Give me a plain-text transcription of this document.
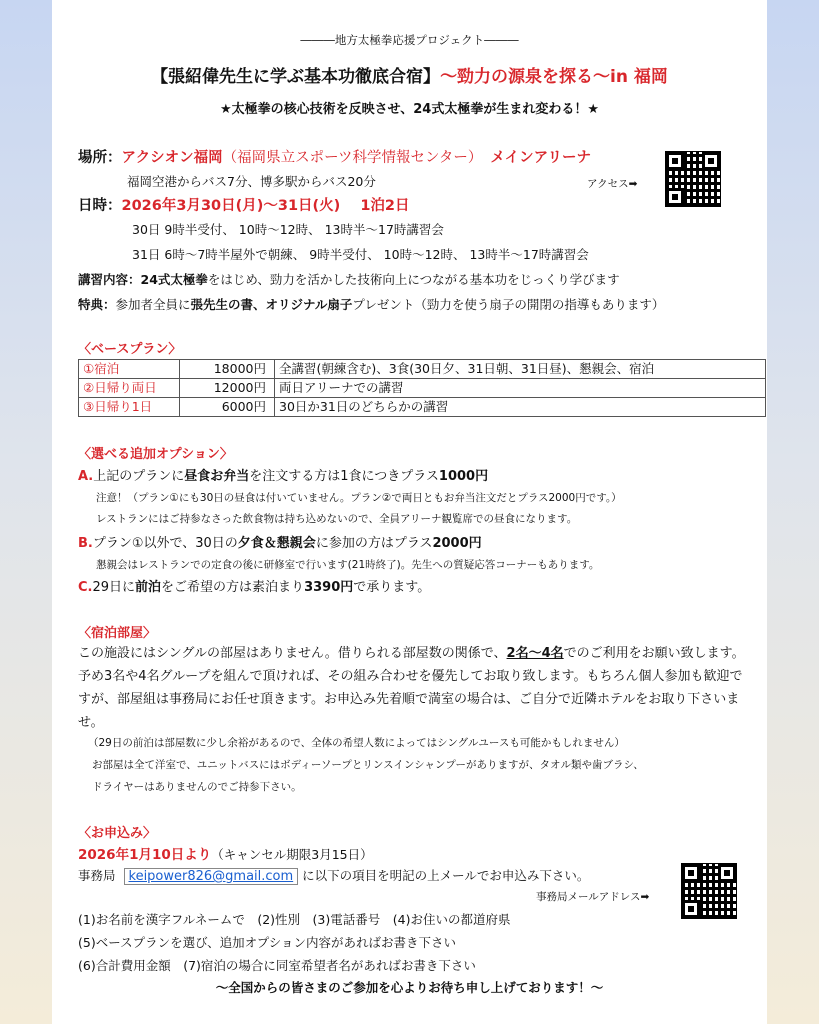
―――地方太極拳応援プロジェクト―――
【張紹偉先生に学ぶ基本功徹底合宿】～勁力の源泉を探る～in 福岡
★太極拳の核心技術を反映させ、24式太極拳が生まれ変わる！★
場所：アクシオン福岡（福岡県立スポーツ科学情報センター） メインアリーナ
福岡空港からバス7分、博多駅からバス20分	アクセス➡
日時：2026年3月30日(月)～31日(火) 1泊2日
30日 9時半受付、 10時～12時、 13時半～17時講習会
31日 6時～7時半屋外で朝練、 9時半受付、 10時～12時、 13時半～17時講習会
講習内容：24式太極拳をはじめ、勁力を活かした技術向上につながる基本功をじっくり学びます
特典：参加者全員に張先生の書、オリジナル扇子プレゼント（勁力を使う扇子の開閉の指導もあります）
〈ベースプラン〉
①宿泊	18000円	全講習(朝練含む)、3食(30日夕、31日朝、31日昼)、懇親会、宿泊
②日帰り両日	12000円	両日アリーナでの講習
③日帰り1日	6000円	30日か31日のどちらかの講習
〈選べる追加オプション〉
A.上記のプランに昼食お弁当を注文する方は1食につきプラス1000円
注意！（プラン①にも30日の昼食は付いていません。プラン②で両日ともお弁当注文だとプラス2000円です。）
レストランにはご持参なさった飲食物は持ち込めないので、全員アリーナ観覧席での昼食になります。
B.プラン①以外で、30日の夕食＆懇親会に参加の方はプラス2000円
懇親会はレストランでの定食の後に研修室で行います(21時終了)。先生への質疑応答コーナーもあります。
C.29日に前泊をご希望の方は素泊まり3390円で承ります。
〈宿泊部屋〉
この施設にはシングルの部屋はありません。借りられる部屋数の関係で、2名～4名でのご利用をお願い致します。予め3名や4名グループを組んで頂ければ、その組み合わせを優先してお取り致します。もちろん個人参加も歓迎ですが、部屋組は事務局にお任せ頂きます。お申込み先着順で満室の場合は、ご自分で近隣ホテルをお取り下さいませ。
（29日の前泊は部屋数に少し余裕があるので、全体の希望人数によってはシングルユースも可能かもしれません）
お部屋は全て洋室で、ユニットバスにはボディーソープとリンスインシャンプーがありますが、タオル類や歯ブラシ、
ドライヤーはありませんのでご持参下さい。
〈お申込み〉
2026年1月10日より（キャンセル期限3月15日）
事務局 keipower826@gmail.com に以下の項目を明記の上メールでお申込み下さい。
事務局メールアドレス➡
(1)お名前を漢字フルネームで　(2)性別　(3)電話番号　(4)お住いの都道府県
(5)ベースプランを選び、追加オプション内容があればお書き下さい
(6)合計費用金額　(7)宿泊の場合に同室希望者名があればお書き下さい
～全国からの皆さまのご参加を心よりお待ち申し上げております！～
